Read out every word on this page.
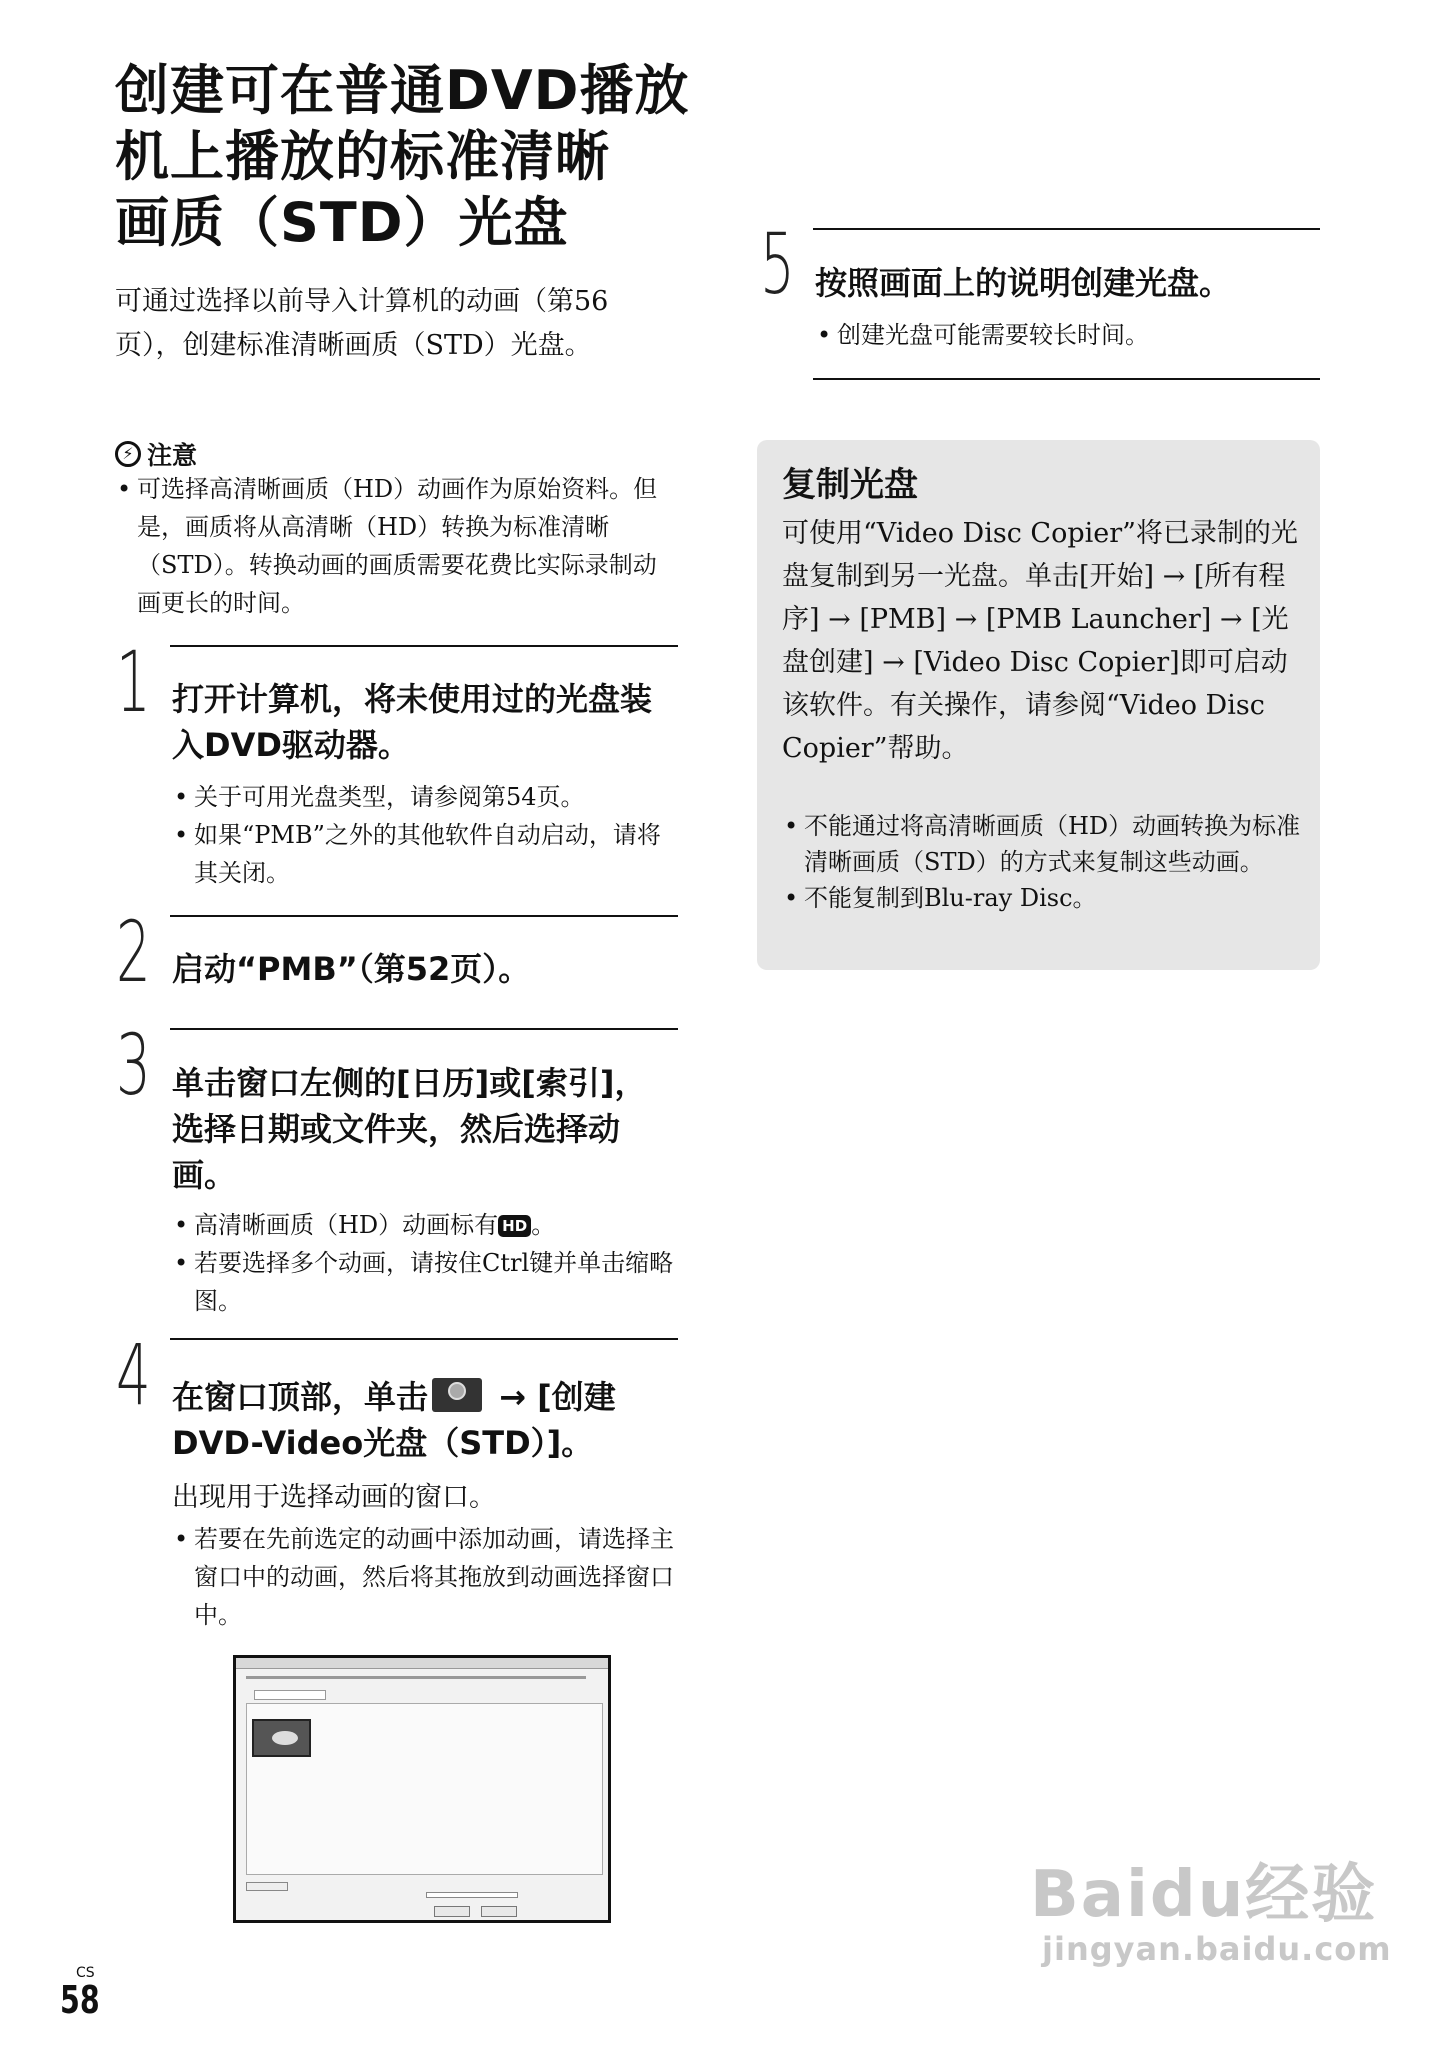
创建可在普通DVD播放
机上播放的标准清晰
画质（STD）光盘
可通过选择以前导入计算机的动画（第56页），创建标准清晰画质（STD）光盘。
⚡ 注意
• 可选择高清晰画质（HD）动画作为原始资料。但是，画质将从高清晰（HD）转换为标准清晰（STD）。转换动画的画质需要花费比实际录制动画更长的时间。
1 打开计算机，将未使用过的光盘装入DVD驱动器。
• 关于可用光盘类型，请参阅第54页。
• 如果“PMB”之外的其他软件自动启动，请将其关闭。
2 启动“PMB”（第52页）。
3 单击窗口左侧的[日历]或[索引]，选择日期或文件夹，然后选择动画。
• 高清晰画质（HD）动画标有 HD 。
• 若要选择多个动画，请按住Ctrl键并单击缩略图。
4 在窗口顶部，单击 → [创建DVD-Video光盘（STD）]。
出现用于选择动画的窗口。
• 若要在先前选定的动画中添加动画，请选择主窗口中的动画，然后将其拖放到动画选择窗口中。
5 按照画面上的说明创建光盘。
• 创建光盘可能需要较长时间。
复制光盘
可使用“Video Disc Copier”将已录制的光盘复制到另一光盘。单击[开始] → [所有程序] → [PMB] → [PMB Launcher] → [光盘创建] → [Video Disc Copier]即可启动该软件。有关操作，请参阅“Video Disc Copier”帮助。
• 不能通过将高清晰画质（HD）动画转换为标准清晰画质（STD）的方式来复制这些动画。
• 不能复制到Blu-ray Disc。
CS
58
Baidu经验
jingyan.baidu.com
